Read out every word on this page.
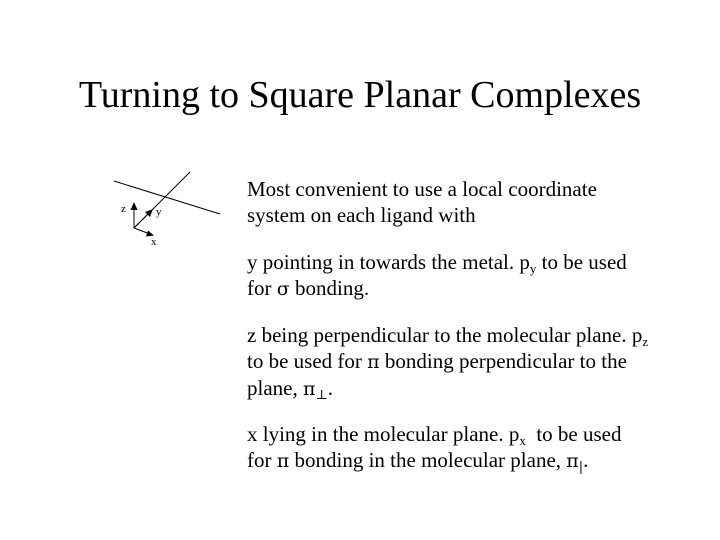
Turning to Square Planar Complexes
z	y
x
Most convenient to use a local coordinate
system on each ligand with
y pointing in towards the metal. $p_y$ to be used
for σ bonding.
z being perpendicular to the molecular plane. $p_z$
to be used for π bonding perpendicular to the
plane, π⊥.
x lying in the molecular plane. $p_x$  to be used
for π bonding in the molecular plane, π|.
